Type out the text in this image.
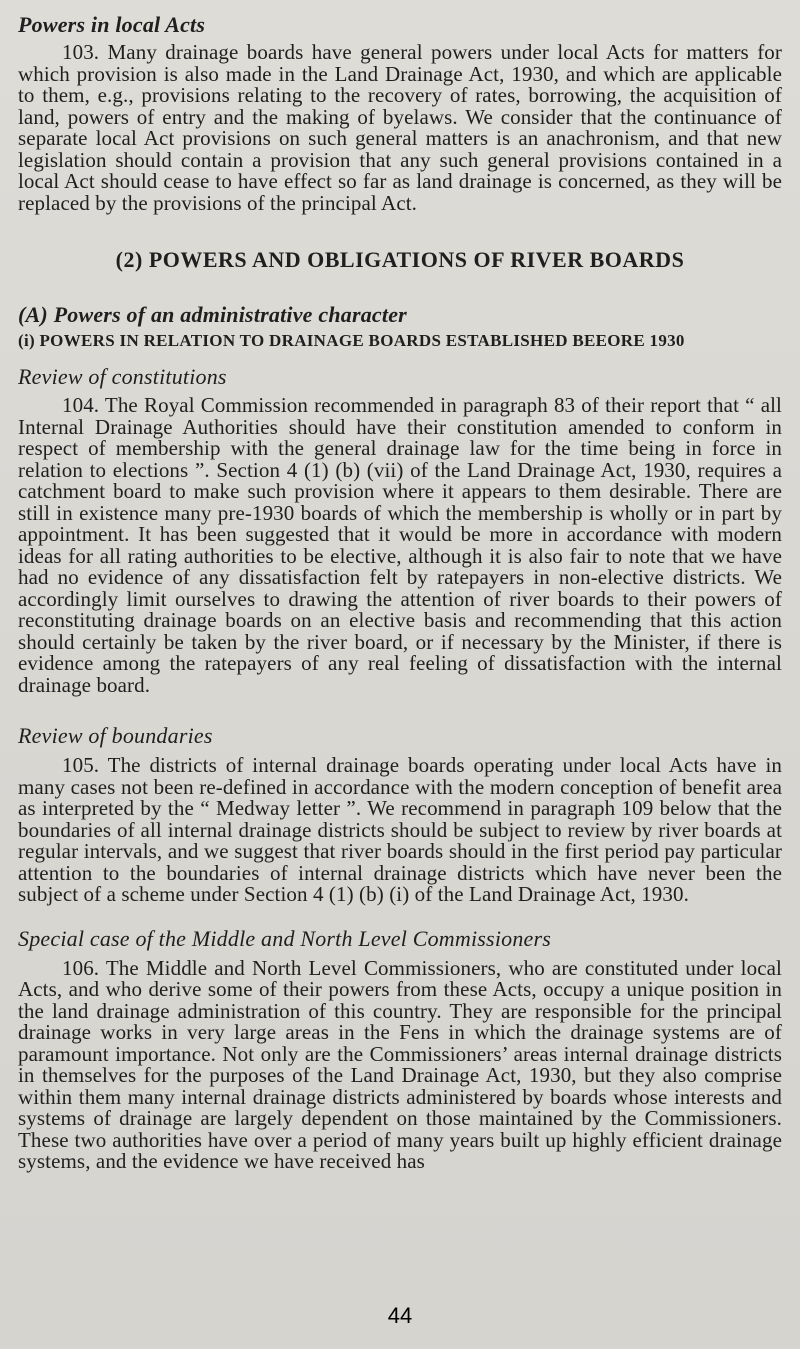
Powers in local Acts

103. Many drainage boards have general powers under local Acts for matters for which provision is also made in the Land Drainage Act, 1930, and which are applicable to them, e.g., provisions relating to the recovery of rates, borrowing, the acquisition of land, powers of entry and the making of byelaws. We consider that the continuance of separate local Act provisions on such general matters is an anachronism, and that new legislation should contain a provision that any such general provisions contained in a local Act should cease to have effect so far as land drainage is concerned, as they will be replaced by the provisions of the principal Act.

(2) POWERS AND OBLIGATIONS OF RIVER BOARDS
(A) Powers of an administrative character
(i) POWERS IN RELATION TO DRAINAGE BOARDS ESTABLISHED BEEORE 1930
Review of constitutions

104. The Royal Commission recommended in paragraph 83 of their report that “ all Internal Drainage Authorities should have their constitution amended to conform in respect of membership with the general drainage law for the time being in force in relation to elections ”. Section 4 (1) (b) (vii) of the Land Drainage Act, 1930, requires a catchment board to make such provision where it appears to them desirable. There are still in existence many pre-1930 boards of which the membership is wholly or in part by appointment. It has been suggested that it would be more in accordance with modern ideas for all rating authorities to be elective, although it is also fair to note that we have had no evidence of any dissatisfaction felt by ratepayers in non-elective districts. We accordingly limit ourselves to drawing the attention of river boards to their powers of reconstituting drainage boards on an elective basis and recommending that this action should certainly be taken by the river board, or if necessary by the Minister, if there is evidence among the ratepayers of any real feeling of dissatisfaction with the internal drainage board.

Review of boundaries

105. The districts of internal drainage boards operating under local Acts have in many cases not been re-defined in accordance with the modern conception of benefit area as interpreted by the “ Medway letter ”. We recommend in paragraph 109 below that the boundaries of all internal drainage districts should be subject to review by river boards at regular intervals, and we suggest that river boards should in the first period pay particular attention to the boundaries of internal drainage districts which have never been the subject of a scheme under Section 4 (1) (b) (i) of the Land Drainage Act, 1930.

Special case of the Middle and North Level Commissioners

106. The Middle and North Level Commissioners, who are constituted under local Acts, and who derive some of their powers from these Acts, occupy a unique position in the land drainage administration of this country. They are responsible for the principal drainage works in very large areas in the Fens in which the drainage systems are of paramount importance. Not only are the Commissioners’ areas internal drainage districts in themselves for the purposes of the Land Drainage Act, 1930, but they also comprise within them many internal drainage districts administered by boards whose interests and systems of drainage are largely dependent on those maintained by the Commissioners. These two authorities have over a period of many years built up highly efficient drainage systems, and the evidence we have received has

44
